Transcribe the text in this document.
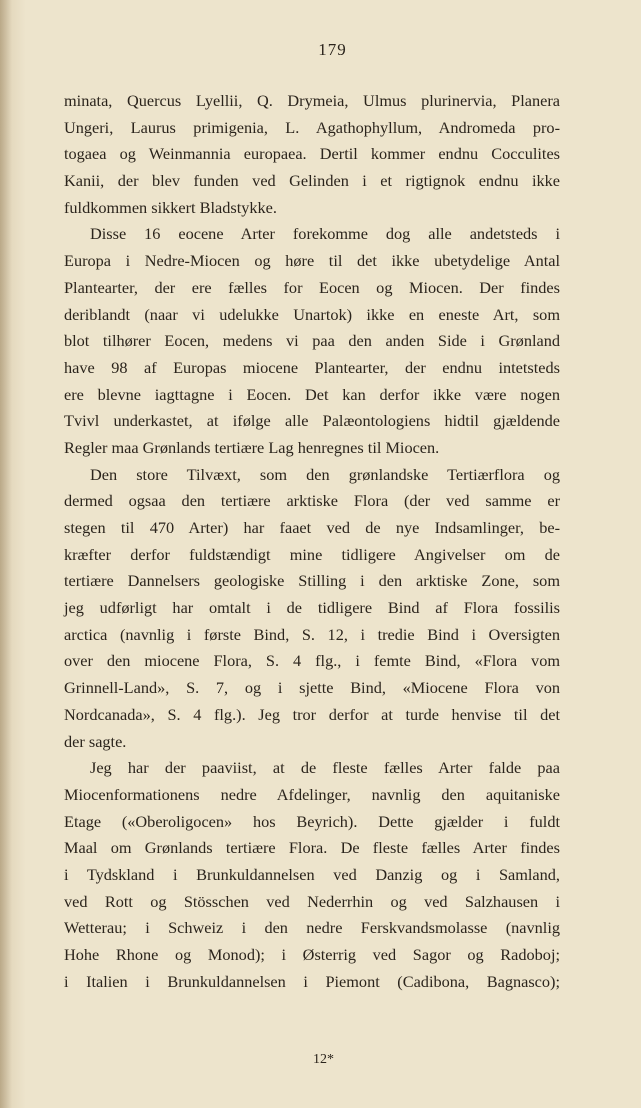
179
minata, Quercus Lyellii, Q. Drymeia, Ulmus plurinervia, Planera
Ungeri, Laurus primigenia, L. Agathophyllum, Andromeda pro-
togaea og Weinmannia europaea. Dertil kommer endnu Cocculites
Kanii, der blev funden ved Gelinden i et rigtignok endnu ikke
fuldkommen sikkert Bladstykke.
Disse 16 eocene Arter forekomme dog alle andetsteds i
Europa i Nedre-Miocen og høre til det ikke ubetydelige Antal
Plantearter, der ere fælles for Eocen og Miocen. Der findes
deriblandt (naar vi udelukke Unartok) ikke en eneste Art, som
blot tilhører Eocen, medens vi paa den anden Side i Grønland
have 98 af Europas miocene Plantearter, der endnu intetsteds
ere blevne iagttagne i Eocen. Det kan derfor ikke være nogen
Tvivl underkastet, at ifølge alle Palæontologiens hidtil gjældende
Regler maa Grønlands tertiære Lag henregnes til Miocen.
Den store Tilvæxt, som den grønlandske Tertiærflora og
dermed ogsaa den tertiære arktiske Flora (der ved samme er
stegen til 470 Arter) har faaet ved de nye Indsamlinger, be-
kræfter derfor fuldstændigt mine tidligere Angivelser om de
tertiære Dannelsers geologiske Stilling i den arktiske Zone, som
jeg udførligt har omtalt i de tidligere Bind af Flora fossilis
arctica (navnlig i første Bind, S. 12, i tredie Bind i Oversigten
over den miocene Flora, S. 4 flg., i femte Bind, «Flora vom
Grinnell-Land», S. 7, og i sjette Bind, «Miocene Flora von
Nordcanada», S. 4 flg.). Jeg tror derfor at turde henvise til det
der sagte.
Jeg har der paaviist, at de fleste fælles Arter falde paa
Miocenformationens nedre Afdelinger, navnlig den aquitaniske
Etage («Oberoligocen» hos Beyrich). Dette gjælder i fuldt
Maal om Grønlands tertiære Flora. De fleste fælles Arter findes
i Tydskland i Brunkuldannelsen ved Danzig og i Samland,
ved Rott og Stösschen ved Nederrhin og ved Salzhausen i
Wetterau; i Schweiz i den nedre Ferskvandsmolasse (navnlig
Hohe Rhone og Monod); i Østerrig ved Sagor og Radoboj;
i Italien i Brunkuldannelsen i Piemont (Cadibona, Bagnasco);
12*
